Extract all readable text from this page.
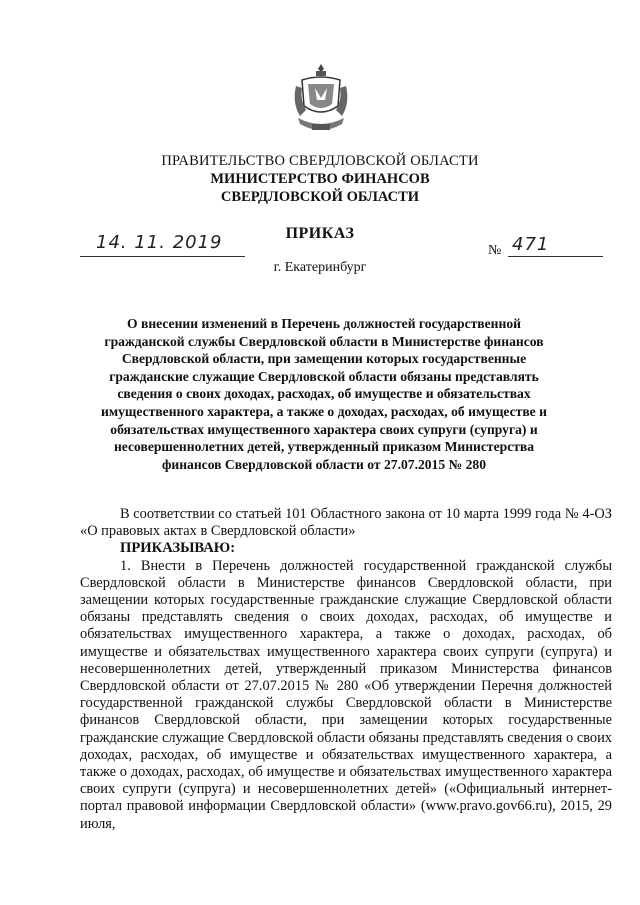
ПРАВИТЕЛЬСТВО СВЕРДЛОВСКОЙ ОБЛАСТИ
МИНИСТЕРСТВО ФИНАНСОВ
СВЕРДЛОВСКОЙ ОБЛАСТИ
ПРИКАЗ
14. 11. 2019	№ 471
г. Екатеринбург
О внесении изменений в Перечень должностей государственной гражданской службы Свердловской области в Министерстве финансов Свердловской области, при замещении которых государственные гражданские служащие Свердловской области обязаны представлять сведения о своих доходах, расходах, об имуществе и обязательствах имущественного характера, а также о доходах, расходах, об имуществе и обязательствах имущественного характера своих супруги (супруга) и несовершеннолетних детей, утвержденный приказом Министерства финансов Свердловской области от 27.07.2015 № 280

В соответствии со статьей 101 Областного закона от 10 марта 1999 года № 4-ОЗ «О правовых актах в Свердловской области»

ПРИКАЗЫВАЮ:

1. Внести в Перечень должностей государственной гражданской службы Свердловской области в Министерстве финансов Свердловской области, при замещении которых государственные гражданские служащие Свердловской области обязаны представлять сведения о своих доходах, расходах, об имуществе и обязательствах имущественного характера, а также о доходах, расходах, об имуществе и обязательствах имущественного характера своих супруги (супруга) и несовершеннолетних детей, утвержденный приказом Министерства финансов Свердловской области от 27.07.2015 № 280 «Об утверждении Перечня должностей государственной гражданской службы Свердловской области в Министерстве финансов Свердловской области, при замещении которых государственные гражданские служащие Свердловской области обязаны представлять сведения о своих доходах, расходах, об имуществе и обязательствах имущественного характера, а также о доходах, расходах, об имуществе и обязательствах имущественного характера своих супруги (супруга) и несовершеннолетних детей» («Официальный интернет-портал правовой информации Свердловской области» (www.pravo.gov66.ru), 2015, 29 июля,
